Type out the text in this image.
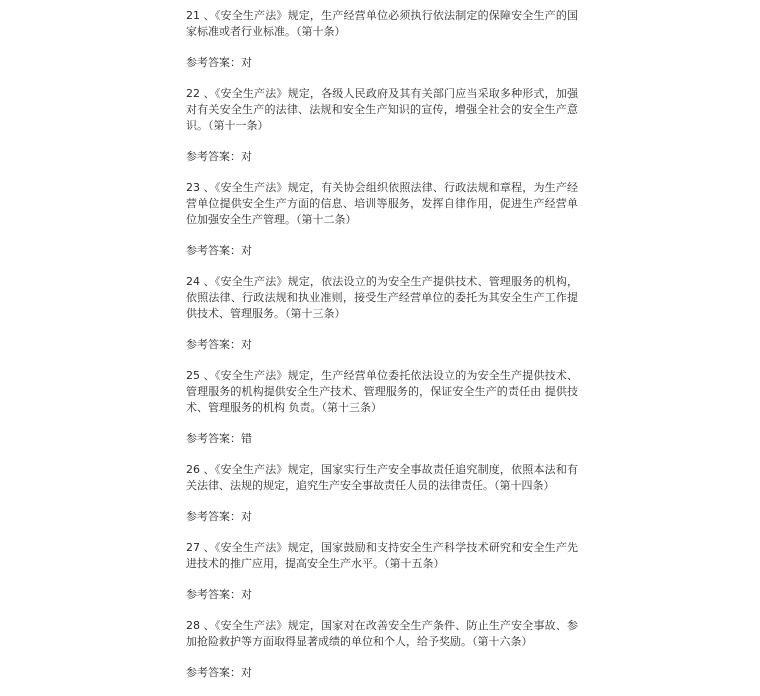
21 、《安全生产法》规定，生产经营单位必须执行依法制定的保障安全生产的国家标准或者行业标准。（第十条）

参考答案：对

22 、《安全生产法》规定，各级人民政府及其有关部门应当采取多种形式，加强对有关安全生产的法律、法规和安全生产知识的宣传，增强全社会的安全生产意识。（第十一条）

参考答案：对

23 、《安全生产法》规定，有关协会组织依照法律、行政法规和章程，为生产经营单位提供安全生产方面的信息、培训等服务，发挥自律作用，促进生产经营单位加强安全生产管理。（第十二条）

参考答案：对

24 、《安全生产法》规定，依法设立的为安全生产提供技术、管理服务的机构，依照法律、行政法规和执业准则，接受生产经营单位的委托为其安全生产工作提供技术、管理服务。（第十三条）

参考答案：对

25 、《安全生产法》规定，生产经营单位委托依法设立的为安全生产提供技术、管理服务的机构提供安全生产技术、管理服务的，保证安全生产的责任由 提供技术、管理服务的机构 负责。（第十三条）

参考答案：错

26 、《安全生产法》规定，国家实行生产安全事故责任追究制度，依照本法和有关法律、法规的规定，追究生产安全事故责任人员的法律责任。（第十四条）

参考答案：对

27 、《安全生产法》规定，国家鼓励和支持安全生产科学技术研究和安全生产先进技术的推广应用，提高安全生产水平。（第十五条）

参考答案：对

28 、《安全生产法》规定，国家对在改善安全生产条件、防止生产安全事故、参加抢险救护等方面取得显著成绩的单位和个人，给予奖励。（第十六条）

参考答案：对
